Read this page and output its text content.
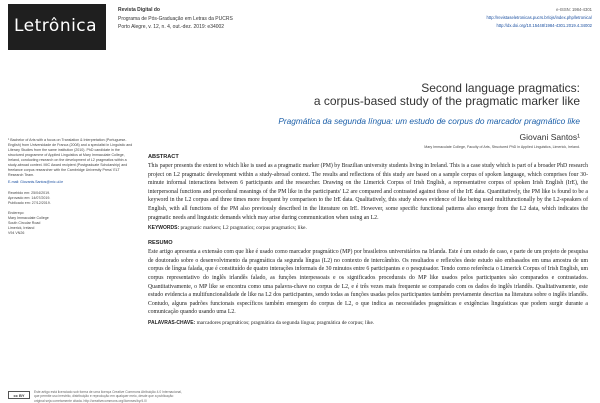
Letrônica
Revista Digital do
Programa de Pós-Graduação em Letras da PUCRS
Porto Alegre, v. 12, n. 4, out.-dez. 2019: e34002
e-ISSN: 1984-4301
http://revistaseletronicas.pucrs.br/ojs/index.php/letronica/
http://dx.doi.org/10.15448/1984-4301.2019.4.34002
Second language pragmatics:
a corpus-based study of the pragmatic marker like
Pragmática da segunda língua: um estudo de corpus do marcador pragmático like
Giovani Santos¹
Mary Immaculate College, Faculty of Arts, Structured PhD in Applied Linguistics, Limerick, Ireland.
¹ Bachelor of Arts with a focus on Translation & Interpretation (Portuguese-English) from Universidade de Franca (2008) and a specialist in Linguistic and Literary Studies from the same institution (2010). PhD candidate in the structured programme of Applied Linguistics at Mary Immaculate College, Ireland, conducting research on the development of L2 pragmatics within a study-abroad context. MIC Award recipient (Postgraduate Scholarship) and freelance corpus researcher with the Cambridge University Press' ELT Research Team.
E-mail: Giovanis.Santos@mic.ul.ie
Recebido em: 25/04/2019.
Aprovado em: 14/07/2019.
Publicado em: 27/12/2019.
Endereço:
Mary Immaculate College
South Circular Road
Limerick, Ireland
V94 VN26
ABSTRACT
This paper presents the extent to which like is used as a pragmatic marker (PM) by Brazilian university students living in Ireland. This is a case study which is part of a broader PhD research project on L2 pragmatic development within a study-abroad context. The results and reflections of this study are based on a sample corpus of spoken language, which comprises four 30-minute informal interactions between 6 participants and the researcher. Drawing on the Limerick Corpus of Irish English, a representative corpus of spoken Irish English (IrE), the interpersonal functions and procedural meanings of the PM like in the participants' L2 are compared and contrasted against those of the IrE data. Quantitatively, the PM like is found to be a keyword in the L2 corpus and three times more frequent by comparison to the IrE data. Qualitatively, this study shows evidence of like being used multifunctionally by the L2-speakers of English, with all functions of the PM also previously described in the literature on IrE. However, some specific functional patterns also emerge from the L2 data, which indicates the pragmatic needs and linguistic demands which may arise during communication when using an L2.
KEYWORDS: pragmatic markers; L2 pragmatics; corpus pragmatics; like.
RESUMO
Este artigo apresenta a extensão com que like é usado como marcador pragmático (MP) por brasileiros universitários na Irlanda. Este é um estudo de caso, e parte de um projeto de pesquisa de doutorado sobre o desenvolvimento da pragmática da segunda língua (L2) no contexto de intercâmbio. Os resultados e reflexões deste estudo são embasados em uma amostra de um corpus de língua falada, que é constituído de quatro interações informais de 30 minutos entre 6 participantes e o pesquisador. Tendo como referência o Limerick Corpus of Irish English, um corpus representativo do inglês irlandês falado, as funções interpessoais e os significados procedurais do MP like usados pelos participantes são comparados e contrastados. Quantitativamente, o MP like se encontra como uma palavra-chave no corpus de L2, e é três vezes mais frequente se comparado com os dados do inglês irlandês. Qualitativamente, este estudo evidencia a multifuncionalidade de like na L2 dos participantes, sendo todas as funções usadas pelos participantes também previamente descritas na literatura sobre o inglês irlandês. Contudo, alguns padrões funcionais específicos também emergem do corpus de L2, o que indica as necessidades pragmáticas e exigências linguísticas que podem surgir durante a comunicação quando usando uma L2.
PALAVRAS-CHAVE: marcadores pragmáticos; pragmática da segunda língua; pragmática de corpus; like.
cc BY
Este artigo está licenciado sob forma de uma licença Creative Commons Atribuição 4.0 Internacional,
que permite uso irrestrito, distribuição e reprodução em qualquer meio, desde que a publicação
original seja corretamente citada. http://creativecommons.org/licenses/by/4.0/
